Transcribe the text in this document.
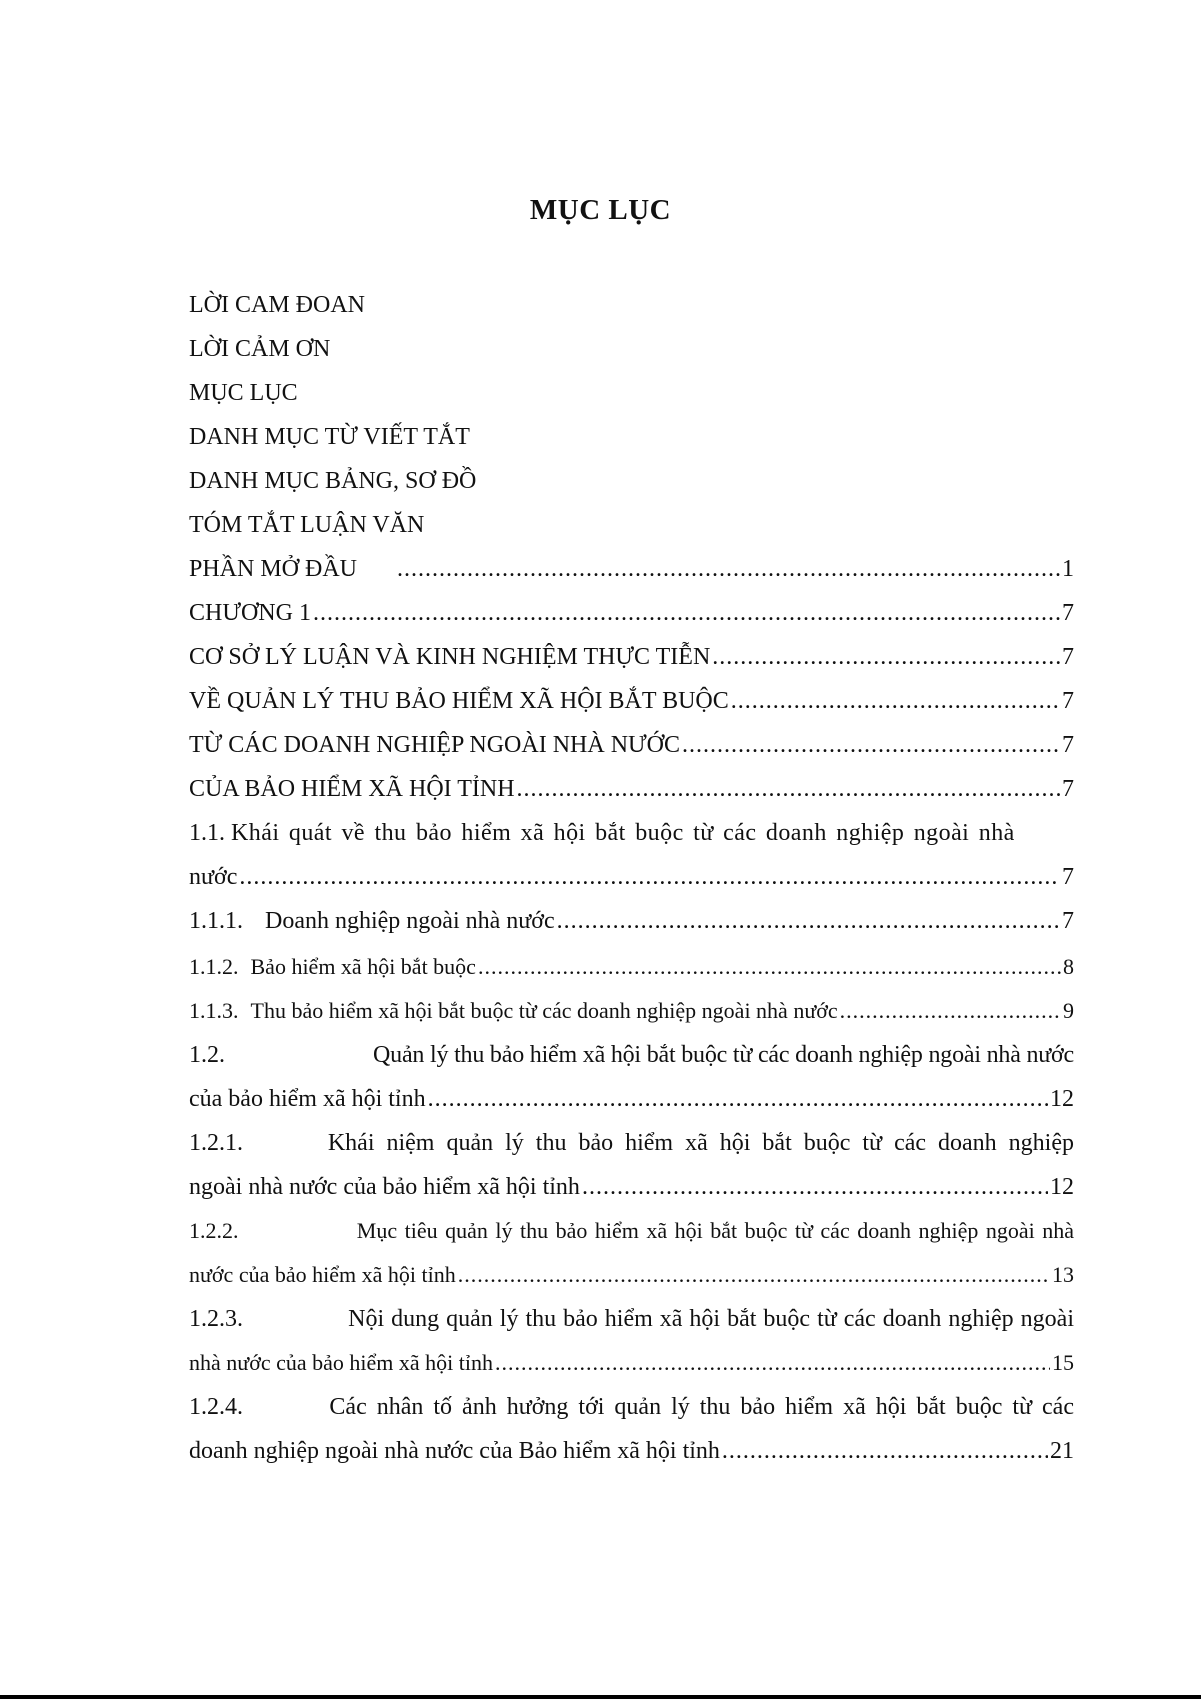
MỤC LỤC
LỜI CAM ĐOAN
LỜI CẢM ƠN
MỤC LỤC
DANH MỤC TỪ VIẾT TẮT
DANH MỤC BẢNG, SƠ ĐỒ
TÓM TẮT LUẬN VĂN
PHẦN MỞ ĐẦU .....	1
CHƯƠNG 1 .....	7
CƠ SỞ LÝ LUẬN VÀ KINH NGHIỆM THỰC TIỄN .....	7
VỀ QUẢN LÝ THU BẢO HIỂM XÃ HỘI BẮT BUỘC .....	7
TỪ CÁC DOANH NGHIỆP NGOÀI NHÀ NƯỚC .....	7
CỦA BẢO HIỂM XÃ HỘI TỈNH .....	7
1.1. Khái quát về thu bảo hiểm xã hội bắt buộc từ các doanh nghiệp ngoài nhà
nước .....	7
1.1.1. Doanh nghiệp ngoài nhà nước .....	7
1.1.2. Bảo hiểm xã hội bắt buộc .....	8
1.1.3. Thu bảo hiểm xã hội bắt buộc từ các doanh nghiệp ngoài nhà nước .....	9
1.2.	Quản lý thu bảo hiểm xã hội bắt buộc từ các doanh nghiệp ngoài nhà nước
của bảo hiểm xã hội tỉnh .....	12
1.2.1.	Khái niệm quản lý thu bảo hiểm xã hội bắt buộc từ các doanh nghiệp
ngoài nhà nước của bảo hiểm xã hội tỉnh .....	12
1.2.2.	Mục tiêu quản lý thu bảo hiểm xã hội bắt buộc từ các doanh nghiệp ngoài nhà
nước của bảo hiểm xã hội tỉnh .....	13
1.2.3.	Nội dung quản lý thu bảo hiểm xã hội bắt buộc từ các doanh nghiệp ngoài
nhà nước của bảo hiểm xã hội tỉnh .....	15
1.2.4.	Các nhân tố ảnh hưởng tới quản lý thu bảo hiểm xã hội bắt buộc từ các
doanh nghiệp ngoài nhà nước của Bảo hiểm xã hội tỉnh .....	21
